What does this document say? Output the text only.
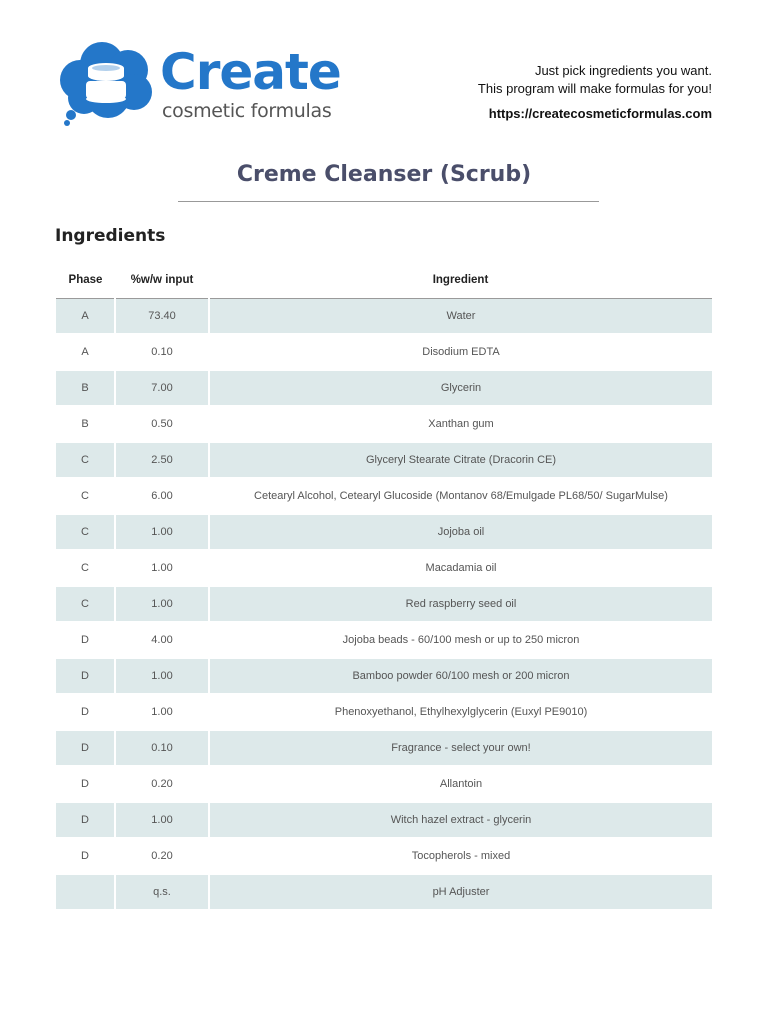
Create
cosmetic formulas
Just pick ingredients you want.
This program will make formulas for you!
https://createcosmeticformulas.com
Creme Cleanser (Scrub)
Ingredients
Phase	%w/w input	Ingredient
A	73.40	Water
A	0.10	Disodium EDTA
B	7.00	Glycerin
B	0.50	Xanthan gum
C	2.50	Glyceryl Stearate Citrate (Dracorin CE)
C	6.00	Cetearyl Alcohol, Cetearyl Glucoside (Montanov 68/Emulgade PL68/50/ SugarMulse)
C	1.00	Jojoba oil
C	1.00	Macadamia oil
C	1.00	Red raspberry seed oil
D	4.00	Jojoba beads - 60/100 mesh or up to 250 micron
D	1.00	Bamboo powder 60/100 mesh or 200 micron
D	1.00	Phenoxyethanol, Ethylhexylglycerin (Euxyl PE9010)
D	0.10	Fragrance - select your own!
D	0.20	Allantoin
D	1.00	Witch hazel extract - glycerin
D	0.20	Tocopherols - mixed
	q.s.	pH Adjuster
